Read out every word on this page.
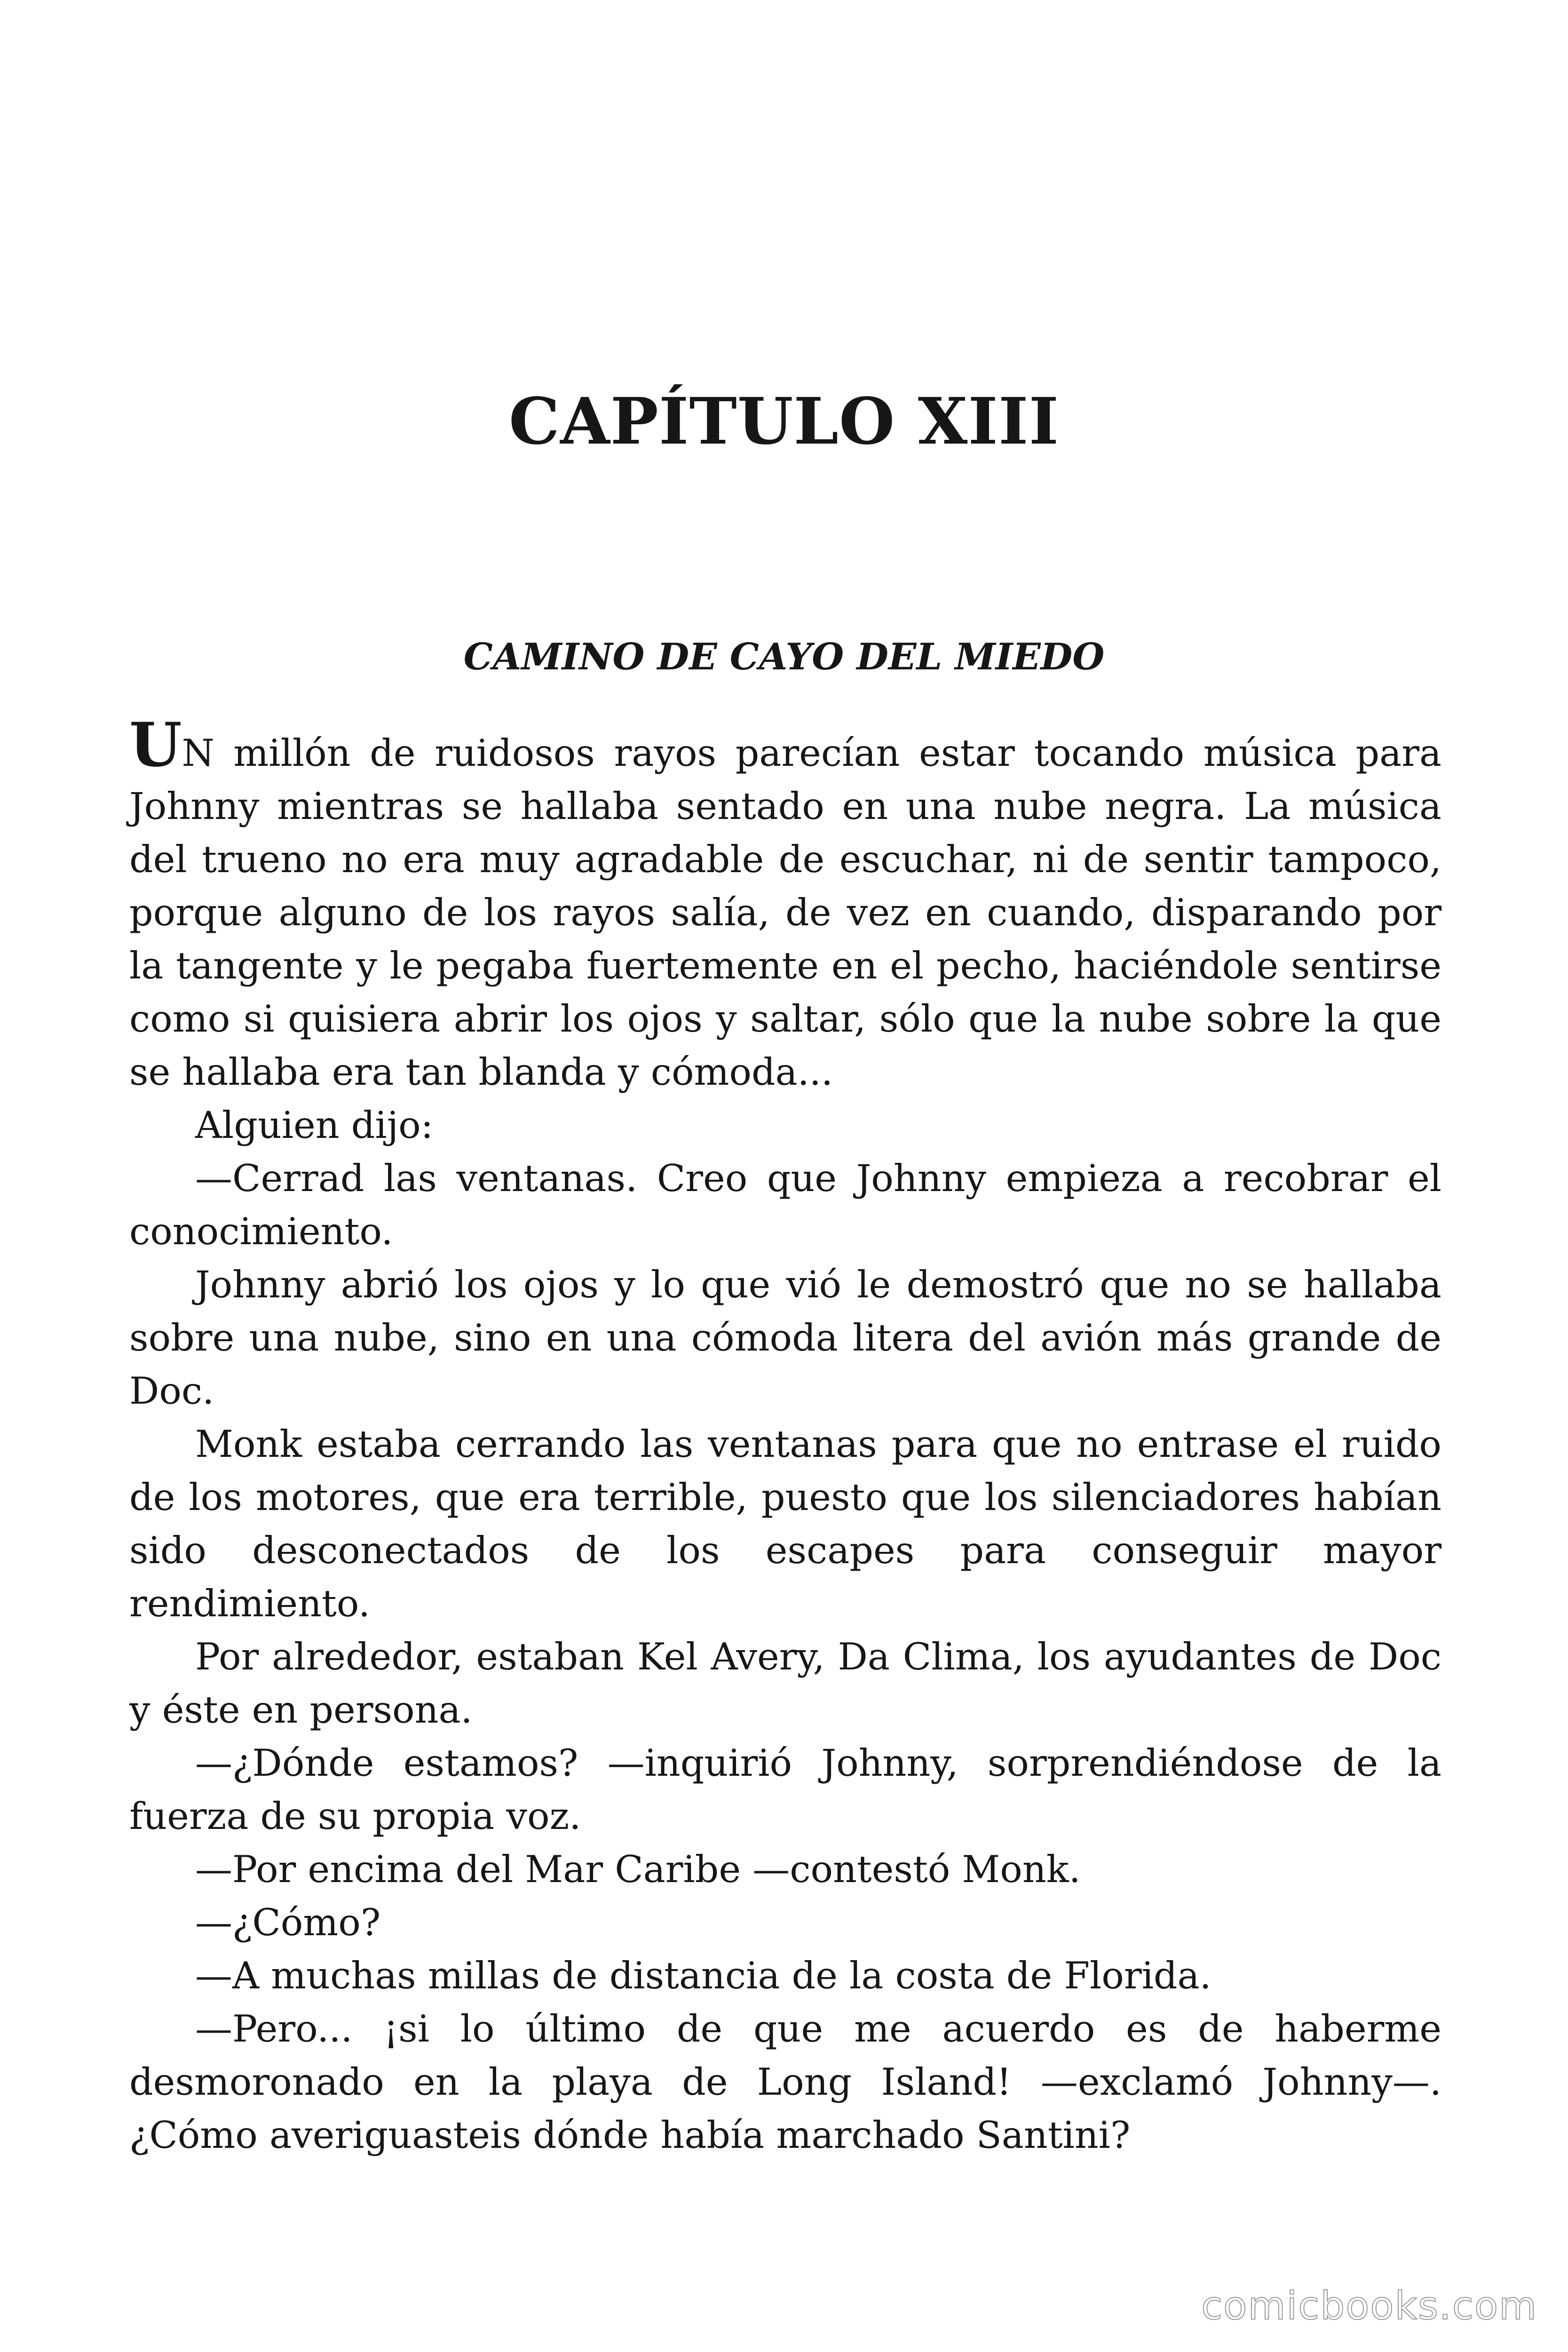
CAPÍTULO XIII
CAMINO DE CAYO DEL MIEDO

UN millón de ruidosos rayos parecían estar tocando música para Johnny mientras se hallaba sentado en una nube negra. La música del trueno no era muy agradable de escuchar, ni de sentir tampoco, porque alguno de los rayos salía, de vez en cuando, disparando por la tangente y le pegaba fuertemente en el pecho, haciéndole sentirse como si quisiera abrir los ojos y saltar, sólo que la nube sobre la que se hallaba era tan blanda y cómoda...

Alguien dijo:

—Cerrad las ventanas. Creo que Johnny empieza a recobrar el conocimiento.

Johnny abrió los ojos y lo que vió le demostró que no se hallaba sobre una nube, sino en una cómoda litera del avión más grande de Doc.

Monk estaba cerrando las ventanas para que no entrase el ruido de los motores, que era terrible, puesto que los silenciadores habían sido desconectados de los escapes para conseguir mayor rendimiento.

Por alrededor, estaban Kel Avery, Da Clima, los ayudantes de Doc y éste en persona.

—¿Dónde estamos? —inquirió Johnny, sorprendiéndose de la fuerza de su propia voz.

—Por encima del Mar Caribe —contestó Monk.

—¿Cómo?

—A muchas millas de distancia de la costa de Florida.

—Pero... ¡si lo último de que me acuerdo es de haberme desmoronado en la playa de Long Island! —exclamó Johnny—. ¿Cómo averiguasteis dónde había marchado Santini?

comicbooks.com
